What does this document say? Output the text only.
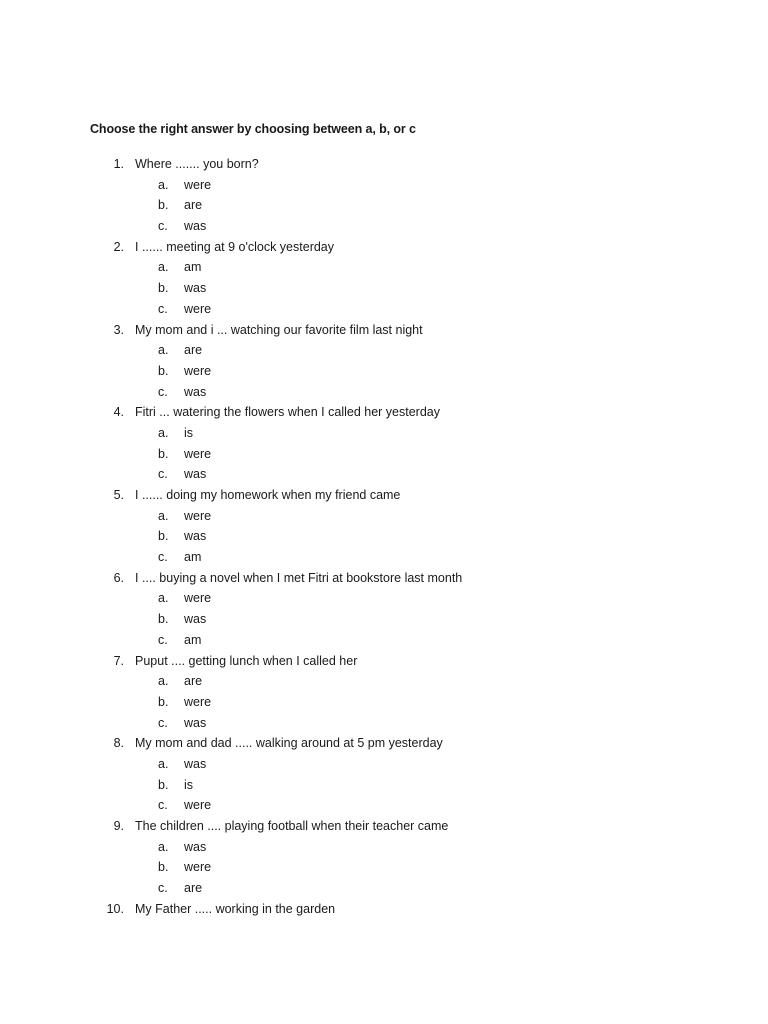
Choose the right answer by choosing between a, b, or c
1. Where ....... you born?
a. were
b. are
c. was
2. I ...... meeting at 9 o'clock yesterday
a. am
b. was
c. were
3. My mom and i ... watching our favorite film last night
a. are
b. were
c. was
4. Fitri ... watering the flowers when I called her yesterday
a. is
b. were
c. was
5. I ...... doing my homework when my friend came
a. were
b. was
c. am
6. I .... buying a novel when I met Fitri at bookstore last month
a. were
b. was
c. am
7. Puput .... getting lunch when I called her
a. are
b. were
c. was
8. My mom and dad ..... walking around at 5 pm yesterday
a. was
b. is
c. were
9. The children .... playing football when their teacher came
a. was
b. were
c. are
10. My Father ..... working in the garden
